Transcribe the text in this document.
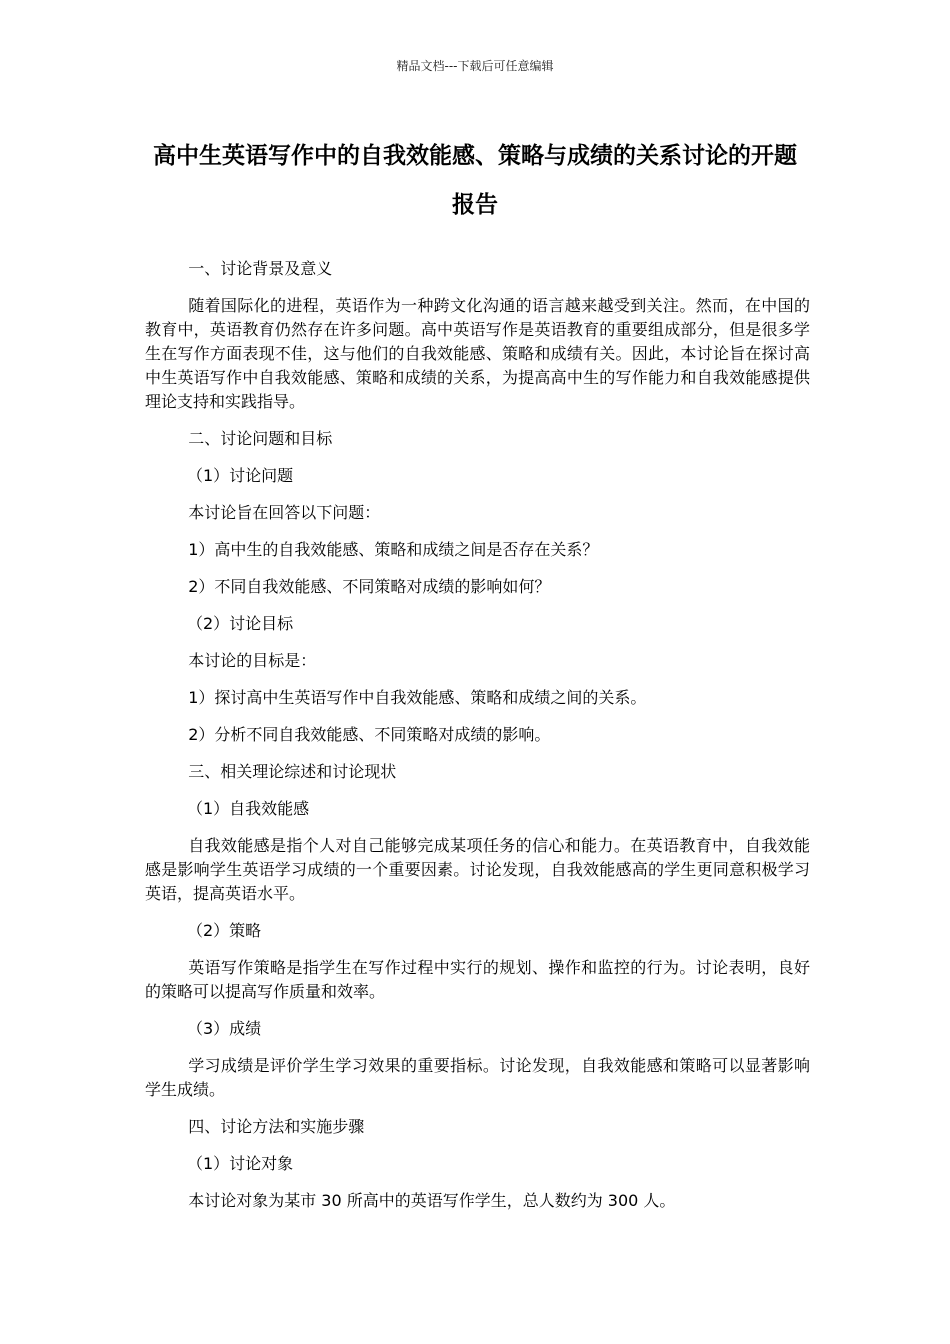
精品文档---下载后可任意编辑
高中生英语写作中的自我效能感、策略与成绩的关系讨论的开题报告

一、讨论背景及意义

随着国际化的进程，英语作为一种跨文化沟通的语言越来越受到关注。然而，在中国的教育中，英语教育仍然存在许多问题。高中英语写作是英语教育的重要组成部分，但是很多学生在写作方面表现不佳，这与他们的自我效能感、策略和成绩有关。因此，本讨论旨在探讨高中生英语写作中自我效能感、策略和成绩的关系，为提高高中生的写作能力和自我效能感提供理论支持和实践指导。

二、讨论问题和目标

（1）讨论问题

本讨论旨在回答以下问题：

1）高中生的自我效能感、策略和成绩之间是否存在关系？

2）不同自我效能感、不同策略对成绩的影响如何？

（2）讨论目标

本讨论的目标是：

1）探讨高中生英语写作中自我效能感、策略和成绩之间的关系。

2）分析不同自我效能感、不同策略对成绩的影响。

三、相关理论综述和讨论现状

（1）自我效能感

自我效能感是指个人对自己能够完成某项任务的信心和能力。在英语教育中，自我效能感是影响学生英语学习成绩的一个重要因素。讨论发现，自我效能感高的学生更同意积极学习英语，提高英语水平。

（2）策略

英语写作策略是指学生在写作过程中实行的规划、操作和监控的行为。讨论表明，良好的策略可以提高写作质量和效率。

（3）成绩

学习成绩是评价学生学习效果的重要指标。讨论发现，自我效能感和策略可以显著影响学生成绩。

四、讨论方法和实施步骤

（1）讨论对象

本讨论对象为某市 30 所高中的英语写作学生，总人数约为 300 人。
